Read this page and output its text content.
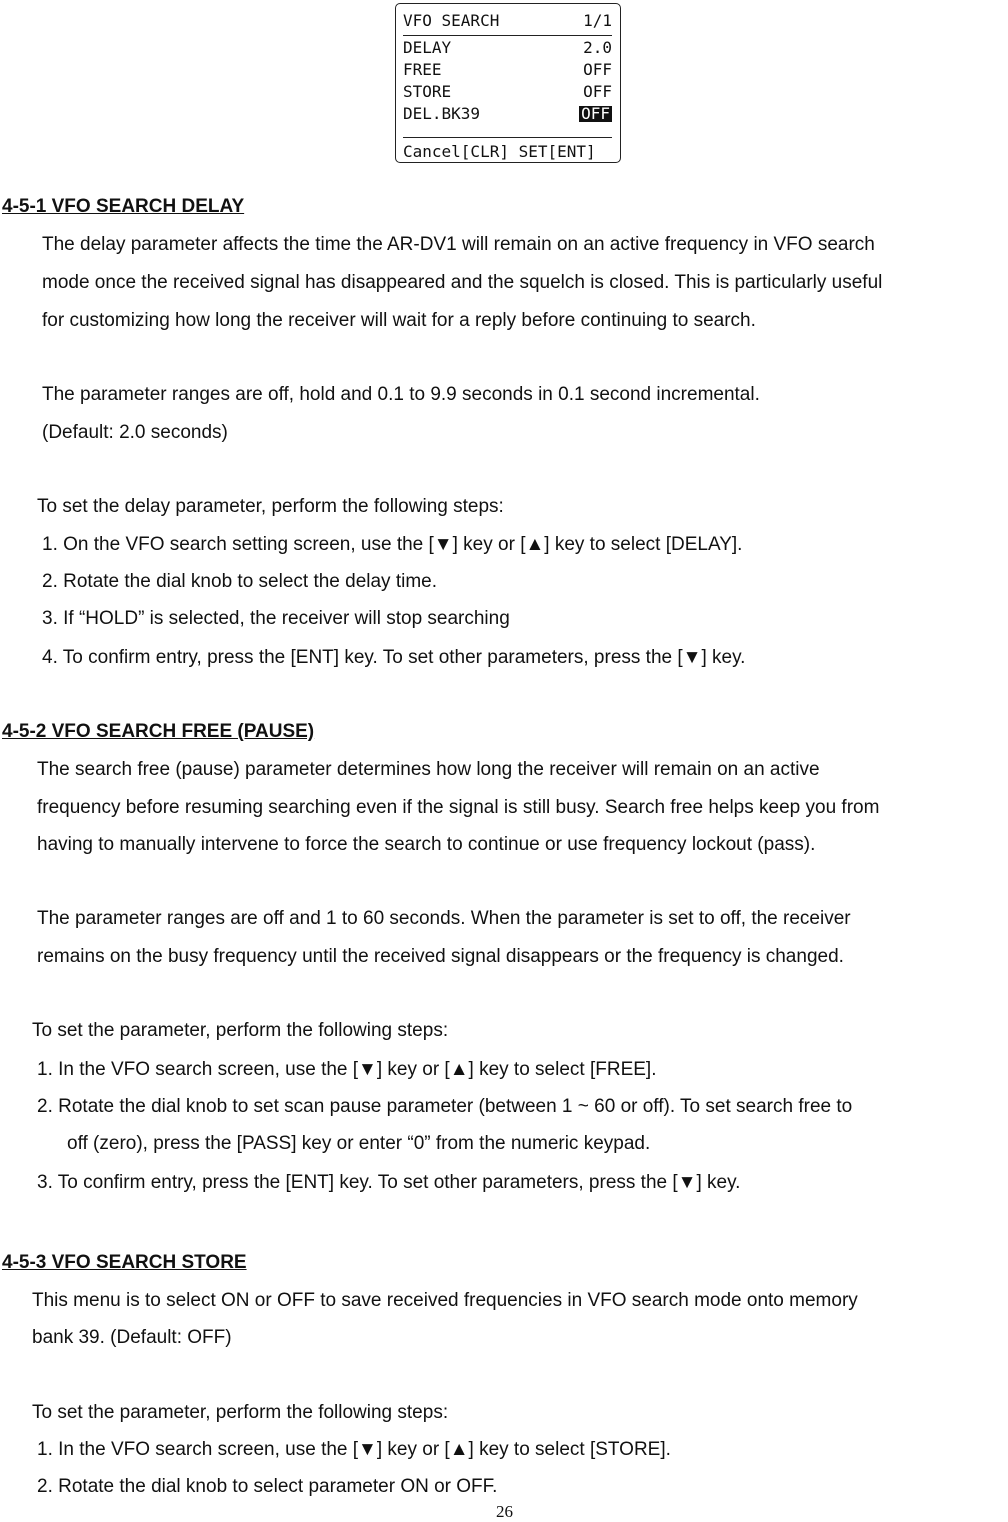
VFO SEARCH	1/1
DELAY	2.0
FREE	OFF
STORE	OFF
DEL.BK39	OFF
Cancel[CLR] SET[ENT]
4-5-1 VFO SEARCH DELAY
The delay parameter affects the time the AR-DV1 will remain on an active frequency in VFO search
mode once the received signal has disappeared and the squelch is closed. This is particularly useful
for customizing how long the receiver will wait for a reply before continuing to search.
The parameter ranges are off, hold and 0.1 to 9.9 seconds in 0.1 second incremental.
(Default: 2.0 seconds)
To set the delay parameter, perform the following steps:
1. On the VFO search setting screen, use the [▼] key or [▲] key to select [DELAY].
2. Rotate the dial knob to select the delay time.
3. If “HOLD” is selected, the receiver will stop searching
4. To confirm entry, press the [ENT] key. To set other parameters, press the [▼] key.
4-5-2 VFO SEARCH FREE (PAUSE)
The search free (pause) parameter determines how long the receiver will remain on an active
frequency before resuming searching even if the signal is still busy. Search free helps keep you from
having to manually intervene to force the search to continue or use frequency lockout (pass).
The parameter ranges are off and 1 to 60 seconds. When the parameter is set to off, the receiver
remains on the busy frequency until the received signal disappears or the frequency is changed.
To set the parameter, perform the following steps:
1. In the VFO search screen, use the [▼] key or [▲] key to select [FREE].
2. Rotate the dial knob to set scan pause parameter (between 1 ~ 60 or off). To set search free to
off (zero), press the [PASS] key or enter “0” from the numeric keypad.
3. To confirm entry, press the [ENT] key. To set other parameters, press the [▼] key.
4-5-3 VFO SEARCH STORE
This menu is to select ON or OFF to save received frequencies in VFO search mode onto memory
bank 39. (Default: OFF)
To set the parameter, perform the following steps:
1. In the VFO search screen, use the [▼] key or [▲] key to select [STORE].
2. Rotate the dial knob to select parameter ON or OFF.
26
